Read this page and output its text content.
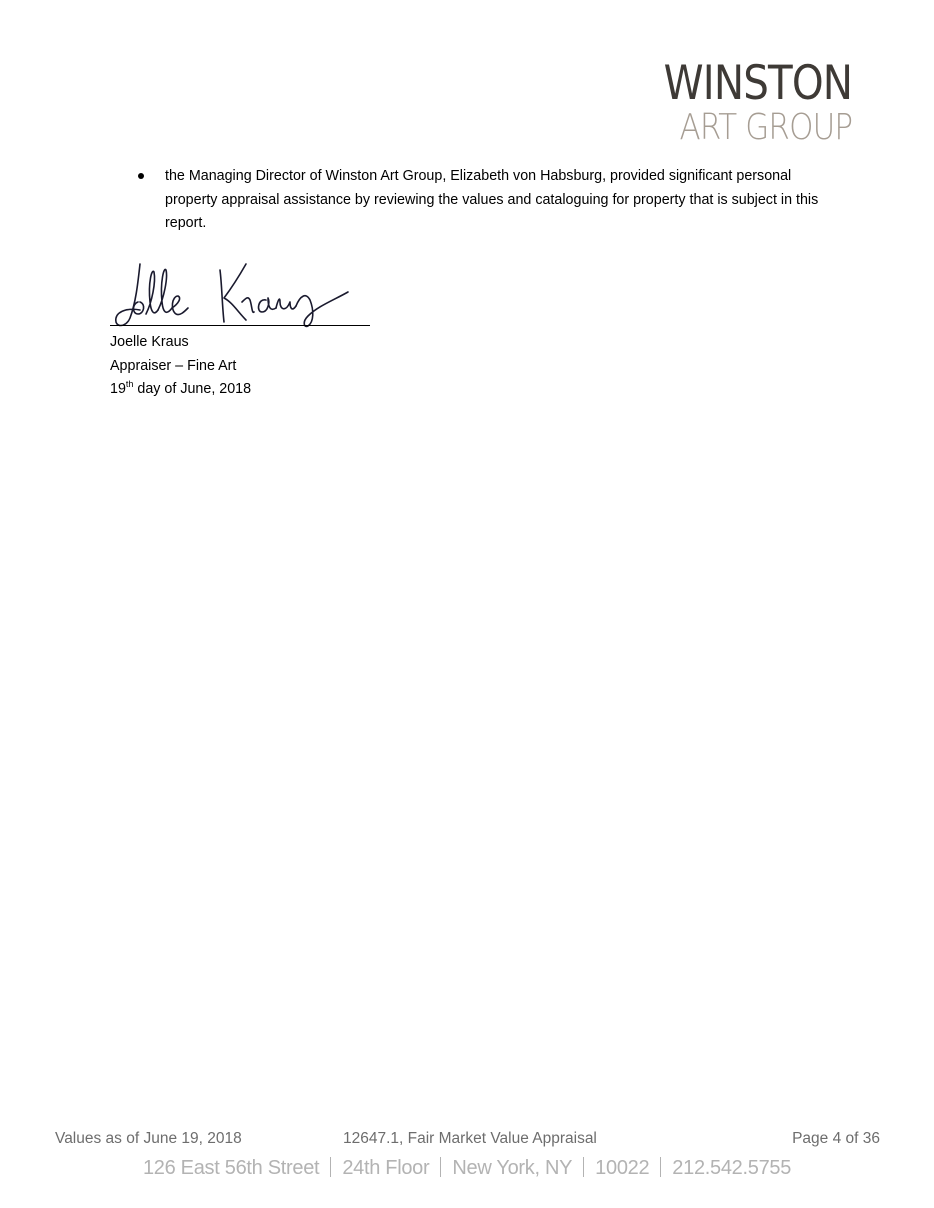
WINSTON
ART GROUP
the Managing Director of Winston Art Group, Elizabeth von Habsburg, provided significant personal property appraisal assistance by reviewing the values and cataloguing for property that is subject in this report.
Joelle Kraus
Appraiser – Fine Art
19th day of June, 2018
Values as of June 19, 2018	12647.1, Fair Market Value Appraisal	Page 4 of 36
126 East 56th Street 24th Floor New York, NY 10022 212.542.5755
